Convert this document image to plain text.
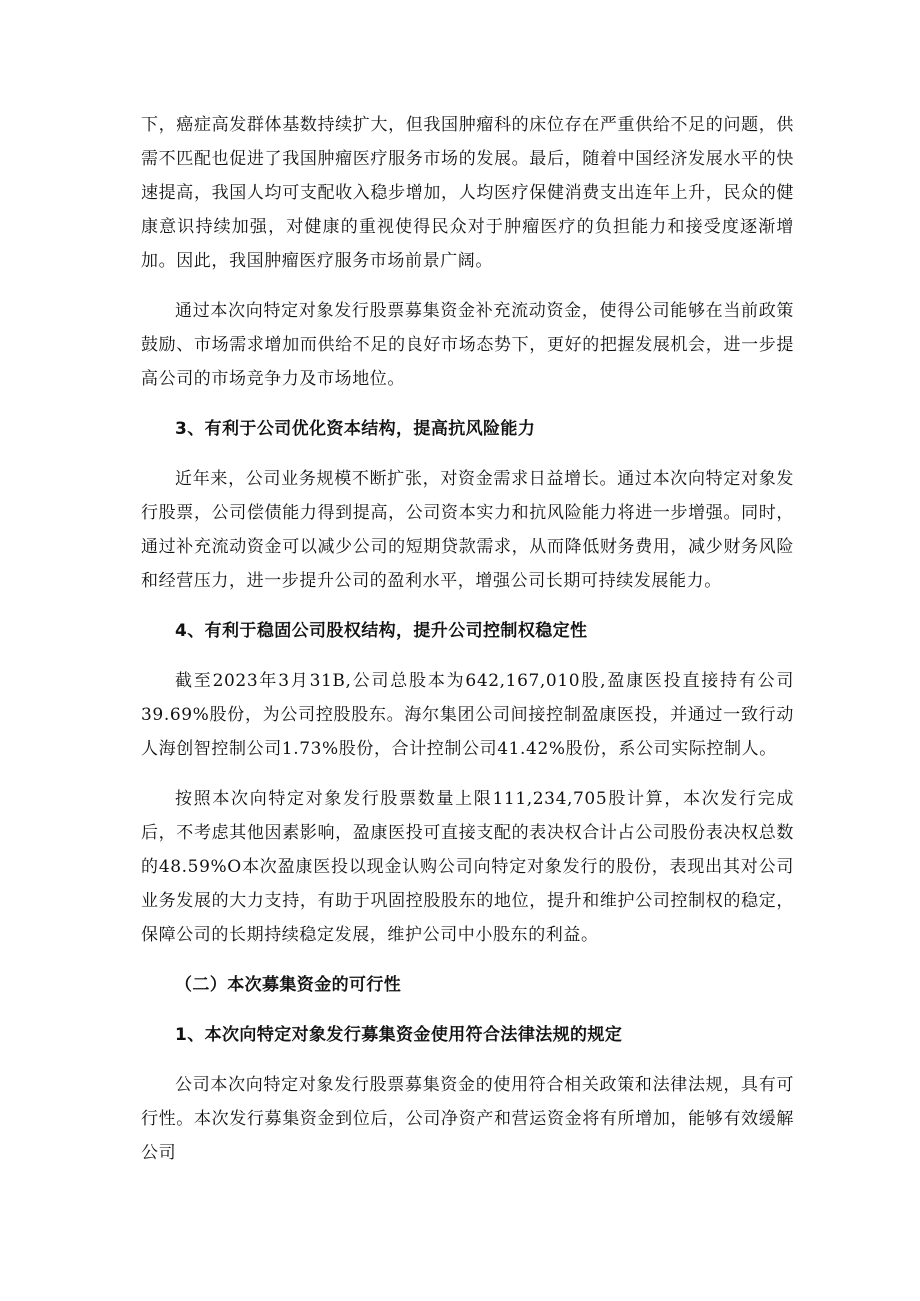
下，癌症高发群体基数持续扩大，但我国肿瘤科的床位存在严重供给不足的问题，供需不匹配也促进了我国肿瘤医疗服务市场的发展。最后，随着中国经济发展水平的快速提高，我国人均可支配收入稳步增加，人均医疗保健消费支出连年上升，民众的健康意识持续加强，对健康的重视使得民众对于肿瘤医疗的负担能力和接受度逐渐增加。因此，我国肿瘤医疗服务市场前景广阔。

通过本次向特定对象发行股票募集资金补充流动资金，使得公司能够在当前政策鼓励、市场需求增加而供给不足的良好市场态势下，更好的把握发展机会，进一步提高公司的市场竞争力及市场地位。

3、有利于公司优化资本结构，提高抗风险能力

近年来，公司业务规模不断扩张，对资金需求日益增长。通过本次向特定对象发行股票，公司偿债能力得到提高，公司资本实力和抗风险能力将进一步增强。同时，通过补充流动资金可以减少公司的短期贷款需求，从而降低财务费用，减少财务风险和经营压力，进一步提升公司的盈利水平，增强公司长期可持续发展能力。

4、有利于稳固公司股权结构，提升公司控制权稳定性

截至2023年3月31B,公司总股本为642,167,010股,盈康医投直接持有公司39.69%股份，为公司控股股东。海尔集团公司间接控制盈康医投，并通过一致行动人海创智控制公司1.73%股份，合计控制公司41.42%股份，系公司实际控制人。

按照本次向特定对象发行股票数量上限111,234,705股计算，本次发行完成后，不考虑其他因素影响，盈康医投可直接支配的表决权合计占公司股份表决权总数的48.59%O本次盈康医投以现金认购公司向特定对象发行的股份，表现出其对公司业务发展的大力支持，有助于巩固控股股东的地位，提升和维护公司控制权的稳定，保障公司的长期持续稳定发展，维护公司中小股东的利益。

（二）本次募集资金的可行性
1、本次向特定对象发行募集资金使用符合法律法规的规定

公司本次向特定对象发行股票募集资金的使用符合相关政策和法律法规，具有可行性。本次发行募集资金到位后，公司净资产和营运资金将有所增加，能够有效缓解公司
